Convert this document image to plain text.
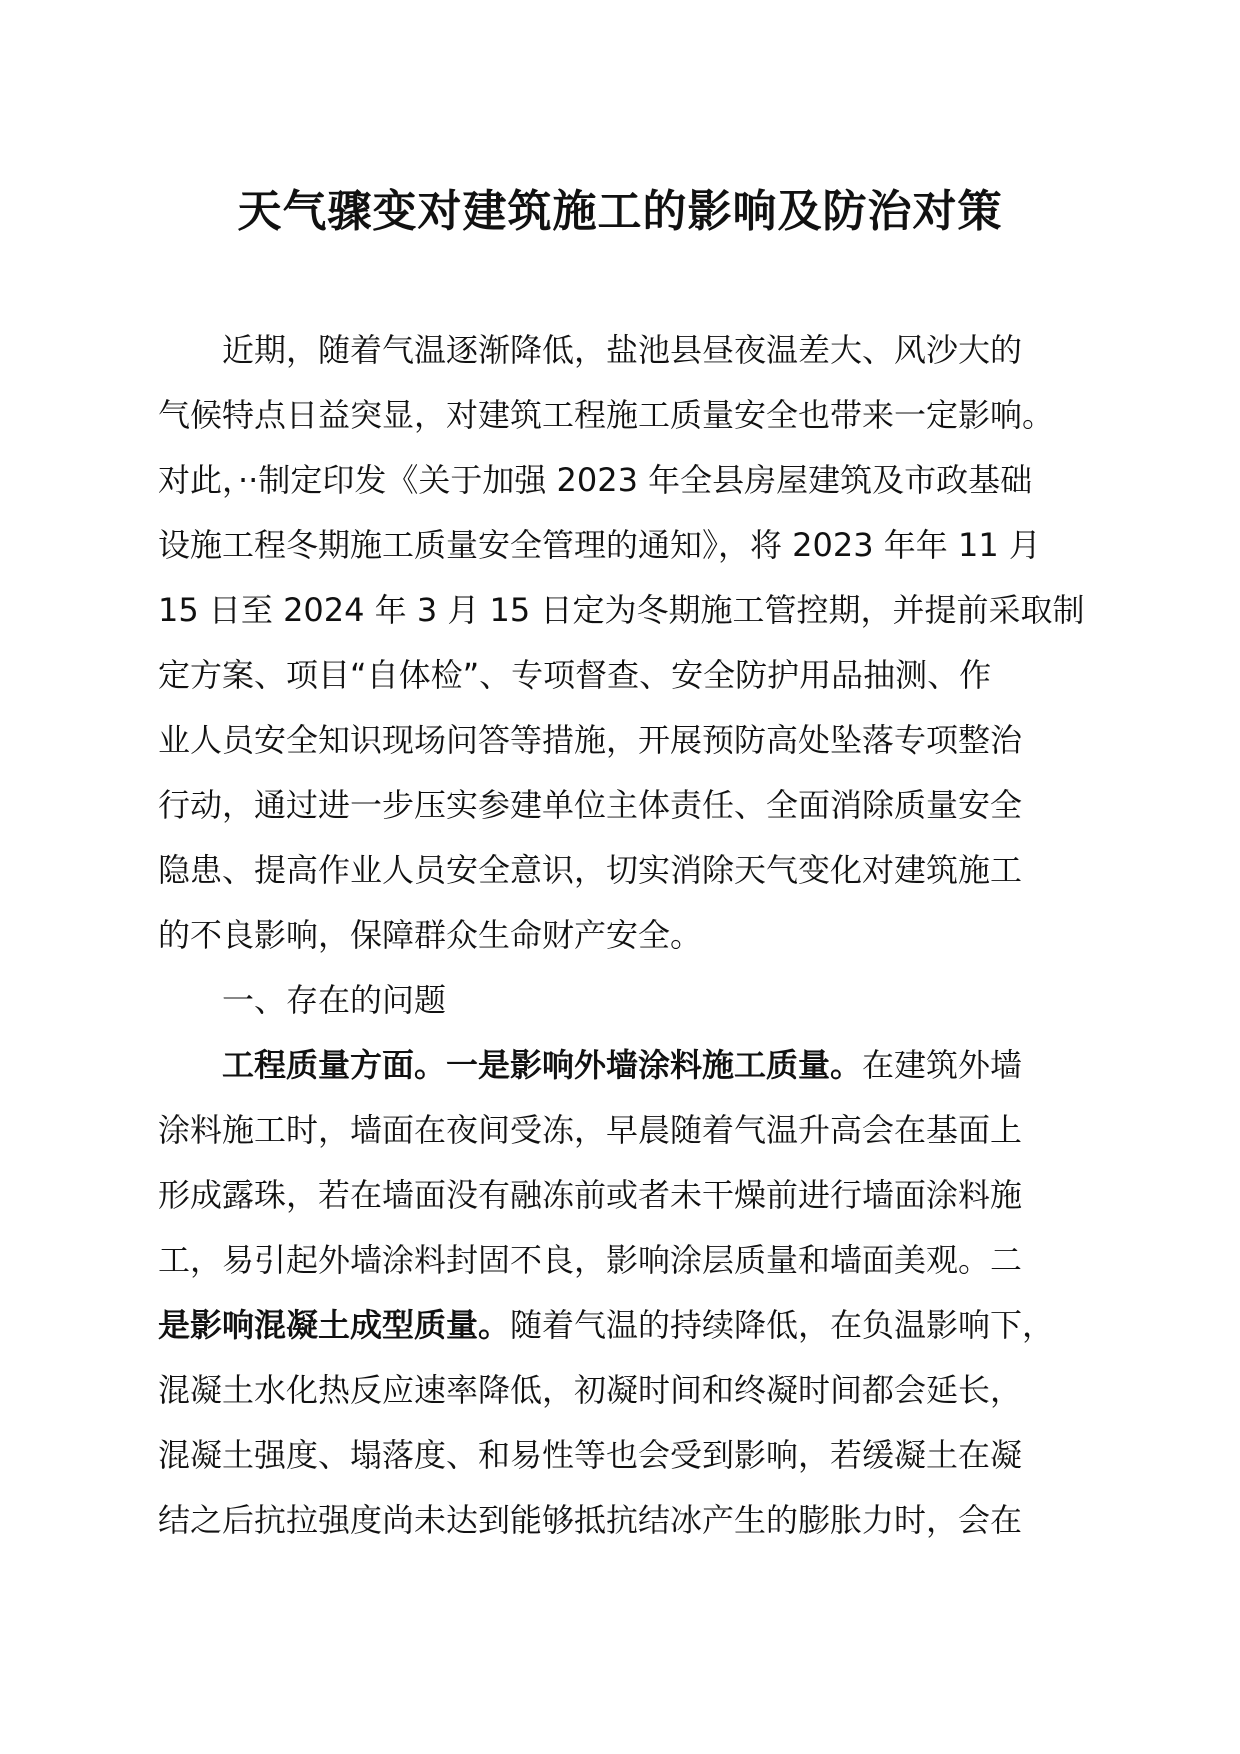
天气骤变对建筑施工的影响及防治对策
近期，随着气温逐渐降低，盐池县昼夜温差大、风沙大的
气候特点日益突显，对建筑工程施工质量安全也带来一定影响。
对此，··制定印发《关于加强 2023 年全县房屋建筑及市政基础
设施工程冬期施工质量安全管理的通知》，将 2023 年年 11 月
15 日至 2024 年 3 月 15 日定为冬期施工管控期，并提前采取制
定方案、项目“自体检”、专项督查、安全防护用品抽测、作
业人员安全知识现场问答等措施，开展预防高处坠落专项整治
行动，通过进一步压实参建单位主体责任、全面消除质量安全
隐患、提高作业人员安全意识，切实消除天气变化对建筑施工
的不良影响，保障群众生命财产安全。
一、存在的问题
工程质量方面。一是影响外墙涂料施工质量。在建筑外墙
涂料施工时，墙面在夜间受冻，早晨随着气温升高会在基面上
形成露珠，若在墙面没有融冻前或者未干燥前进行墙面涂料施
工，易引起外墙涂料封固不良，影响涂层质量和墙面美观。二
是影响混凝土成型质量。随着气温的持续降低，在负温影响下，
混凝土水化热反应速率降低，初凝时间和终凝时间都会延长，
混凝土强度、塌落度、和易性等也会受到影响，若缓凝土在凝
结之后抗拉强度尚未达到能够抵抗结冰产生的膨胀力时，会在
